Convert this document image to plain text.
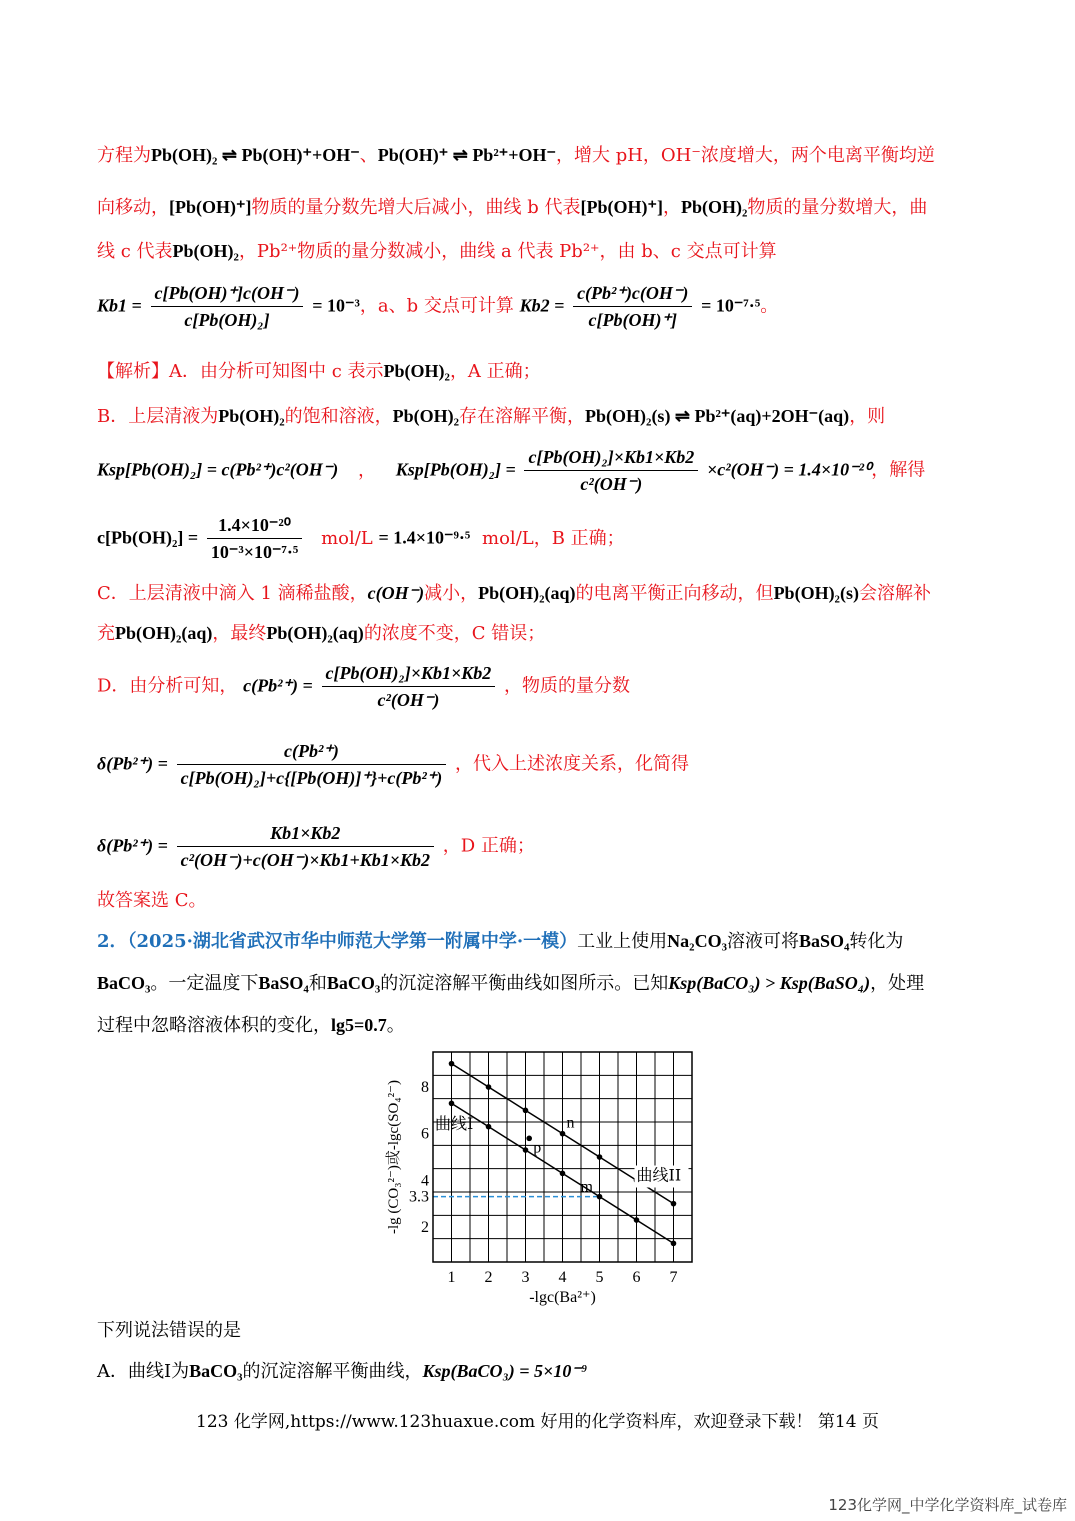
方程为Pb(OH)₂ ⇌ Pb(OH)⁺+OH⁻、Pb(OH)⁺ ⇌ Pb²⁺+OH⁻，增大 pH，OH⁻浓度增大，两个电离平衡均逆
向移动，[Pb(OH)⁺]物质的量分数先增大后减小，曲线 b 代表[Pb(OH)⁺]，Pb(OH)₂物质的量分数增大，曲
线 c 代表Pb(OH)₂，Pb²⁺物质的量分数减小，曲线 a 代表 Pb²⁺，由 b、c 交点可计算
$Kb1 = \frac{c[Pb(OH)^+]c(OH^-)}{\text{c[Pb(OH)₂]}} = 10^{-3}$，a、b 交点可计算 $Kb2 = \frac{\text{c(Pb²⁺)c(OH⁻)}}{c[Pb(OH)^+]} = 10^{-7}\cdot^5$。
【解析】A．由分析可知图中 c 表示Pb(OH)₂，A 正确；
B．上层清液为Pb(OH)₂的饱和溶液，Pb(OH)₂存在溶解平衡，Pb(OH)₂(s) ⇌ Pb²⁺(aq)+2OH⁻(aq)，则
Ksp[Pb(OH)₂] = c(Pb²⁺)c²(OH⁻) ， $Ksp[Pb(OH)_2] = \frac{\text{c[Pb(OH)₂]×Kb1×Kb2}}{\text{c²(OH⁻)}} \times c^2(OH^-) = 1.4\times 10^{-20}$，解得
$c[Pb(OH)_2] = \frac{\text{1.4×10⁻²⁰}}{\text{10⁻³×10⁻⁷·⁵}} mol/L = 1.4\times 10^{-9}\cdot^5$ mol/L，B 正确；
C．上层清液中滴入 1 滴稀盐酸，c(OH⁻)减小，Pb(OH)₂(aq)的电离平衡正向移动，但Pb(OH)₂(s)会溶解补
充Pb(OH)₂(aq)，最终Pb(OH)₂(aq)的浓度不变，C 错误；
D．由分析可知， $c(Pb^{2+}) = \frac{\text{c[Pb(OH)₂]×Kb1×Kb2}}{\text{c²(OH⁻)}}$ ，物质的量分数
$\delta(Pb^{2+}) = \frac{\text{c(Pb²⁺)}}{\text{c[Pb(OH)₂]+c\{[Pb(OH)]⁺\}+c(Pb²⁺)}}$ ，代入上述浓度关系，化简得
$\delta(Pb^{2+}) = \frac{Kb1\times Kb2}{\text{c²(OH⁻)+c(OH⁻)×Kb1+Kb1×Kb2}}$ ，D 正确；
故答案选 C。
2．（2025·湖北省武汉市华中师范大学第一附属中学·一模）工业上使用Na₂CO₃溶液可将BaSO₄转化为
BaCO₃。一定温度下BaSO₄和BaCO₃的沉淀溶解平衡曲线如图所示。已知Ksp(BaCO₃) > Ksp(BaSO₄)，处理
过程中忽略溶液体积的变化，lg5=0.7。
1 2 3 4 5 6 7
2
3.3
4
6
8
-lgc(Ba²⁺)
-lg (CO₃²⁻)或-lgc(SO₄²⁻) 曲线I
曲线II
n
p
m
下列说法错误的是
A．曲线Ⅰ为BaCO₃的沉淀溶解平衡曲线，Ksp(BaCO₃) = 5×10⁻⁹
123 化学网,https://www.123huaxue.com 好用的化学资料库，欢迎登录下载！ 第14 页
123化学网_中学化学资料库_试卷库
